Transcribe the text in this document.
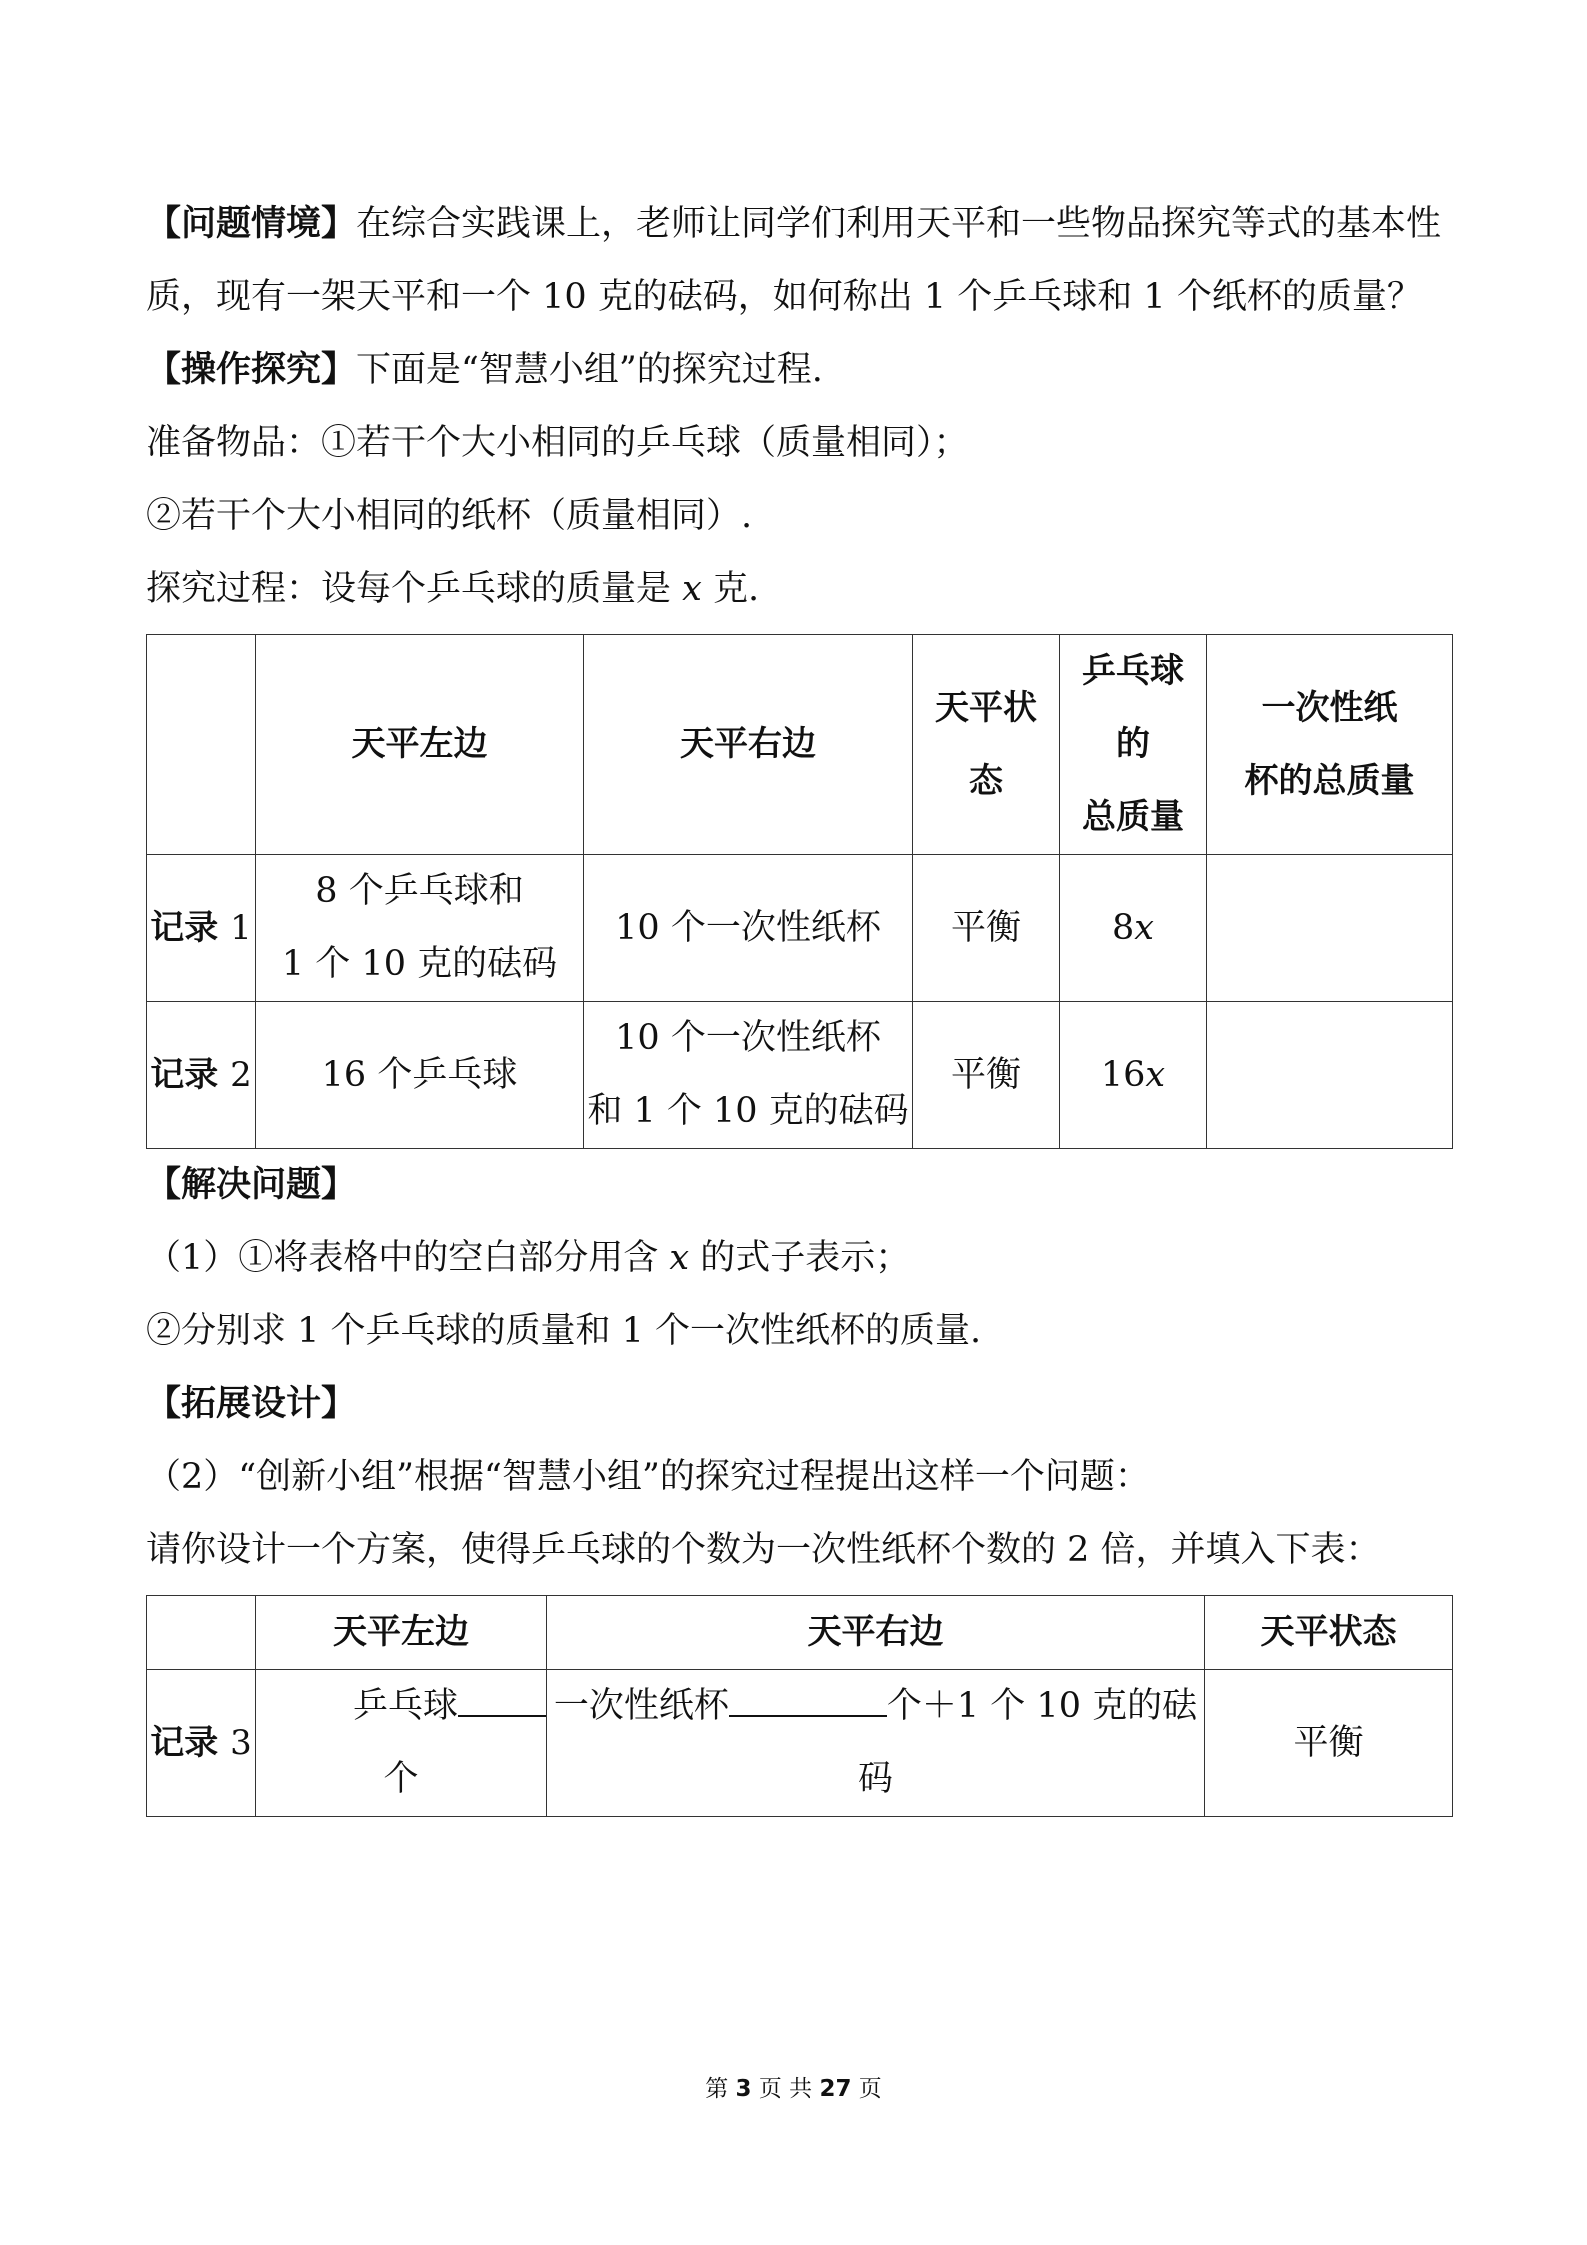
【问题情境】在综合实践课上，老师让同学们利用天平和一些物品探究等式的基本性质，现有一架天平和一个 10 克的砝码，如何称出 1 个乒乓球和 1 个纸杯的质量？

【操作探究】下面是“智慧小组”的探究过程.

准备物品：①若干个大小相同的乒乓球（质量相同）；

②若干个大小相同的纸杯（质量相同）.

探究过程：设每个乒乓球的质量是 x 克.

	天平左边	天平右边	天平状
态	乒乓球
的
总质量	一次性纸
杯的总质量
记录 1	8 个乒乓球和
1 个 10 克的砝码	10 个一次性纸杯	平衡	8x	
记录 2	16 个乒乓球	10 个一次性纸杯
和 1 个 10 克的砝码	平衡	16x	

【解决问题】

（1）①将表格中的空白部分用含 x 的式子表示；

②分别求 1 个乒乓球的质量和 1 个一次性纸杯的质量.

【拓展设计】

（2）“创新小组”根据“智慧小组”的探究过程提出这样一个问题：

请你设计一个方案，使得乒乓球的个数为一次性纸杯个数的 2 倍，并填入下表：

	天平左边	天平右边	天平状态
记录 3	乒乓球

个	一次性纸杯 个＋1 个 10 克的砝
码	平衡
第 3 页 共 27 页
